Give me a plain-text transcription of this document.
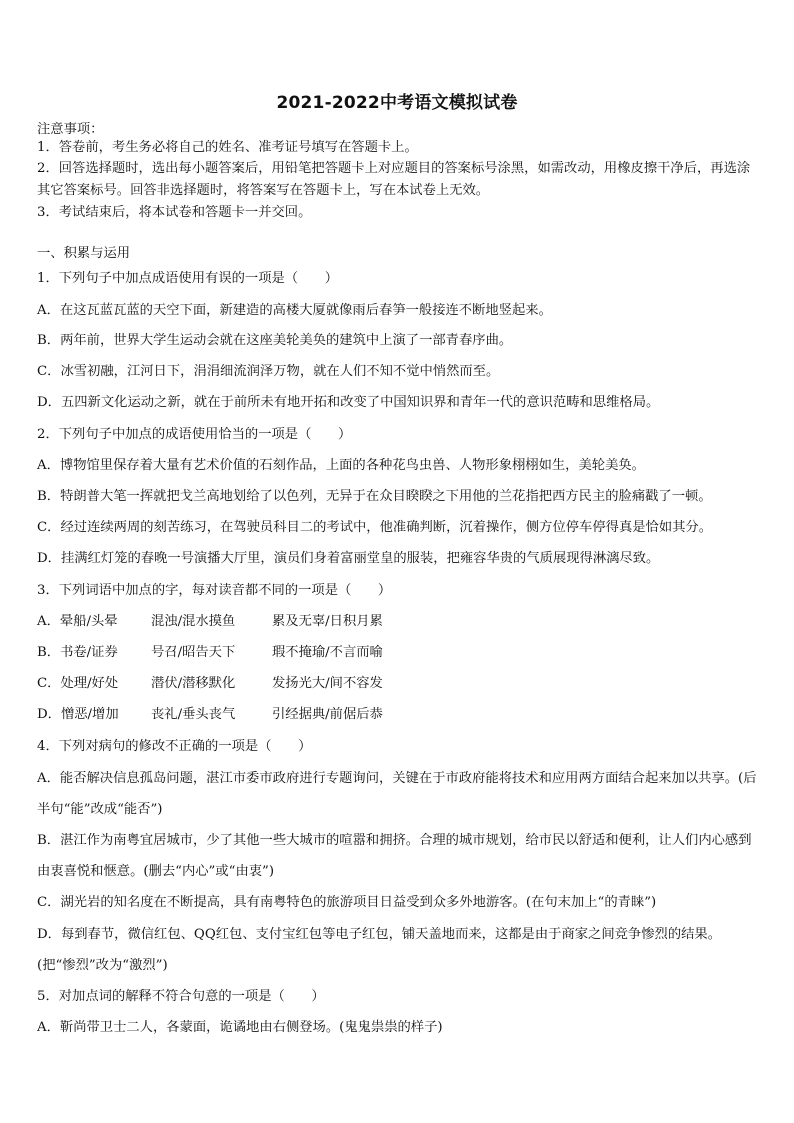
2021-2022中考语文模拟试卷
注意事项：
1．答卷前，考生务必将自己的姓名、准考证号填写在答题卡上。
2．回答选择题时，选出每小题答案后，用铅笔把答题卡上对应题目的答案标号涂黑，如需改动，用橡皮擦干净后，再选涂其它答案标号。回答非选择题时，将答案写在答题卡上，写在本试卷上无效。
3．考试结束后，将本试卷和答题卡一并交回。
一、积累与运用
1．下列句子中加点成语使用有误的一项是（　　）
A．在这瓦蓝瓦蓝的天空下面，新建造的高楼大厦就像雨后春笋一般接连不断地竖起来。
B．两年前，世界大学生运动会就在这座美轮美奂的建筑中上演了一部青春序曲。
C．冰雪初融，江河日下，涓涓细流润泽万物，就在人们不知不觉中悄然而至。
D．五四新文化运动之新，就在于前所未有地开拓和改变了中国知识界和青年一代的意识范畴和思维格局。
2．下列句子中加点的成语使用恰当的一项是（　　）
A．博物馆里保存着大量有艺术价值的石刻作品，上面的各种花鸟虫兽、人物形象栩栩如生，美轮美奂。
B．特朗普大笔一挥就把戈兰高地划给了以色列，无异于在众目睽睽之下用他的兰花指把西方民主的脸痛戳了一顿。
C．经过连续两周的刻苦练习，在驾驶员科目二的考试中，他准确判断，沉着操作，侧方位停车停得真是恰如其分。
D．挂满红灯笼的春晚一号演播大厅里，演员们身着富丽堂皇的服装，把雍容华贵的气质展现得淋漓尽致。
3．下列词语中加点的字，每对读音都不同的一项是（　　）
A．晕船/头晕	混浊/混水摸鱼	累及无辜/日积月累
B．书卷/证券	号召/昭告天下	瑕不掩瑜/不言而喻
C．处理/好处 潜伏/潜移默化	发扬光大/间不容发
D．憎恶/增加 丧礼/垂头丧气	引经据典/前倨后恭
4．下列对病句的修改不正确的一项是（　　）
A．能否解决信息孤岛问题，湛江市委市政府进行专题询问，关键在于市政府能将技术和应用两方面结合起来加以共享。(后半句“能”改成“能否”)
B．湛江作为南粤宜居城市，少了其他一些大城市的喧嚣和拥挤。合理的城市规划，给市民以舒适和便利，让人们内心感到由衷喜悦和惬意。(删去“内心”或“由衷”)
C．湖光岩的知名度在不断提高，具有南粤特色的旅游项目日益受到众多外地游客。(在句末加上“的青睐”)
D．每到春节，微信红包、QQ红包、支付宝红包等电子红包，铺天盖地而来，这都是由于商家之间竞争惨烈的结果。(把“惨烈”改为“激烈”)
5．对加点词的解释不符合句意的一项是（　　）
A．靳尚带卫士二人，各蒙面，诡谲地由右侧登场。(鬼鬼祟祟的样子)
